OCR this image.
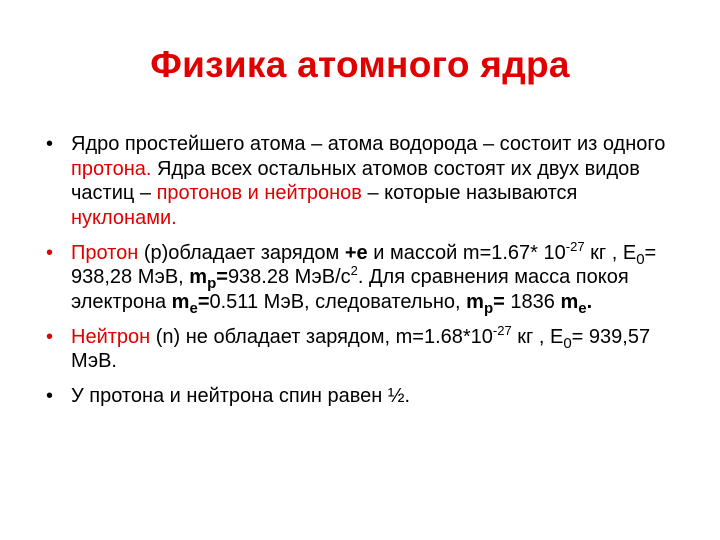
Физика атомного ядра
• Ядро простейшего атома – атома водорода – состоит из одного протона. Ядра всех остальных атомов состоят их двух видов частиц – протонов и нейтронов – которые называются нуклонами.
• Протон (p)обладает зарядом +e и массой m=1.67* $10^{-27}$ кг , $E_0= 938,28$ МэВ, $m_p=938.28$ МэВ/$с^2$. Для сравнения масса покоя электрона $m_e=0.511$ МэВ, следовательно, $m_p= 1836$ $m_e$.
• Нейтрон (n) не обладает зарядом, $m=1.68*10^{-27}$ кг , $E_0= 939,57$ МэВ.
• У протона и нейтрона спин равен ½.
